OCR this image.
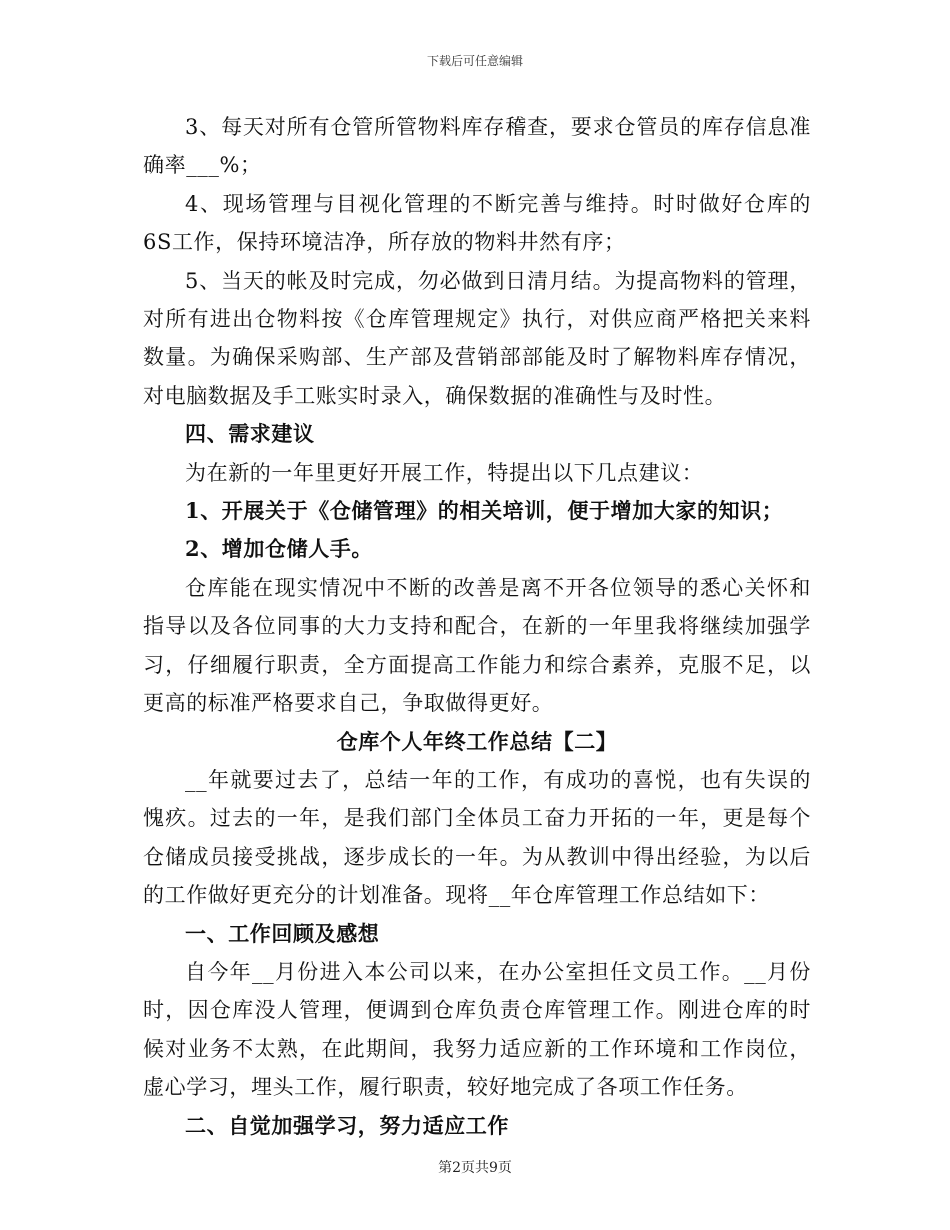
下载后可任意编辑

3、每天对所有仓管所管物料库存稽查，要求仓管员的库存信息准确率___%；

4、现场管理与目视化管理的不断完善与维持。时时做好仓库的6S工作，保持环境洁净，所存放的物料井然有序；

5、当天的帐及时完成，勿必做到日清月结。为提高物料的管理，对所有进出仓物料按《仓库管理规定》执行，对供应商严格把关来料数量。为确保采购部、生产部及营销部部能及时了解物料库存情况，对电脑数据及手工账实时录入，确保数据的准确性与及时性。

四、需求建议

为在新的一年里更好开展工作，特提出以下几点建议：

1、开展关于《仓储管理》的相关培训，便于增加大家的知识；

2、增加仓储人手。

仓库能在现实情况中不断的改善是离不开各位领导的悉心关怀和指导以及各位同事的大力支持和配合，在新的一年里我将继续加强学习，仔细履行职责，全方面提高工作能力和综合素养，克服不足，以更高的标准严格要求自己，争取做得更好。

仓库个人年终工作总结【二】

__年就要过去了，总结一年的工作，有成功的喜悦，也有失误的愧疚。过去的一年，是我们部门全体员工奋力开拓的一年，更是每个仓储成员接受挑战，逐步成长的一年。为从教训中得出经验，为以后的工作做好更充分的计划准备。现将__年仓库管理工作总结如下：

一、工作回顾及感想

自今年__月份进入本公司以来，在办公室担任文员工作。__月份时，因仓库没人管理，便调到仓库负责仓库管理工作。刚进仓库的时候对业务不太熟，在此期间，我努力适应新的工作环境和工作岗位，虚心学习，埋头工作，履行职责，较好地完成了各项工作任务。

二、自觉加强学习，努力适应工作

第2页共9页
